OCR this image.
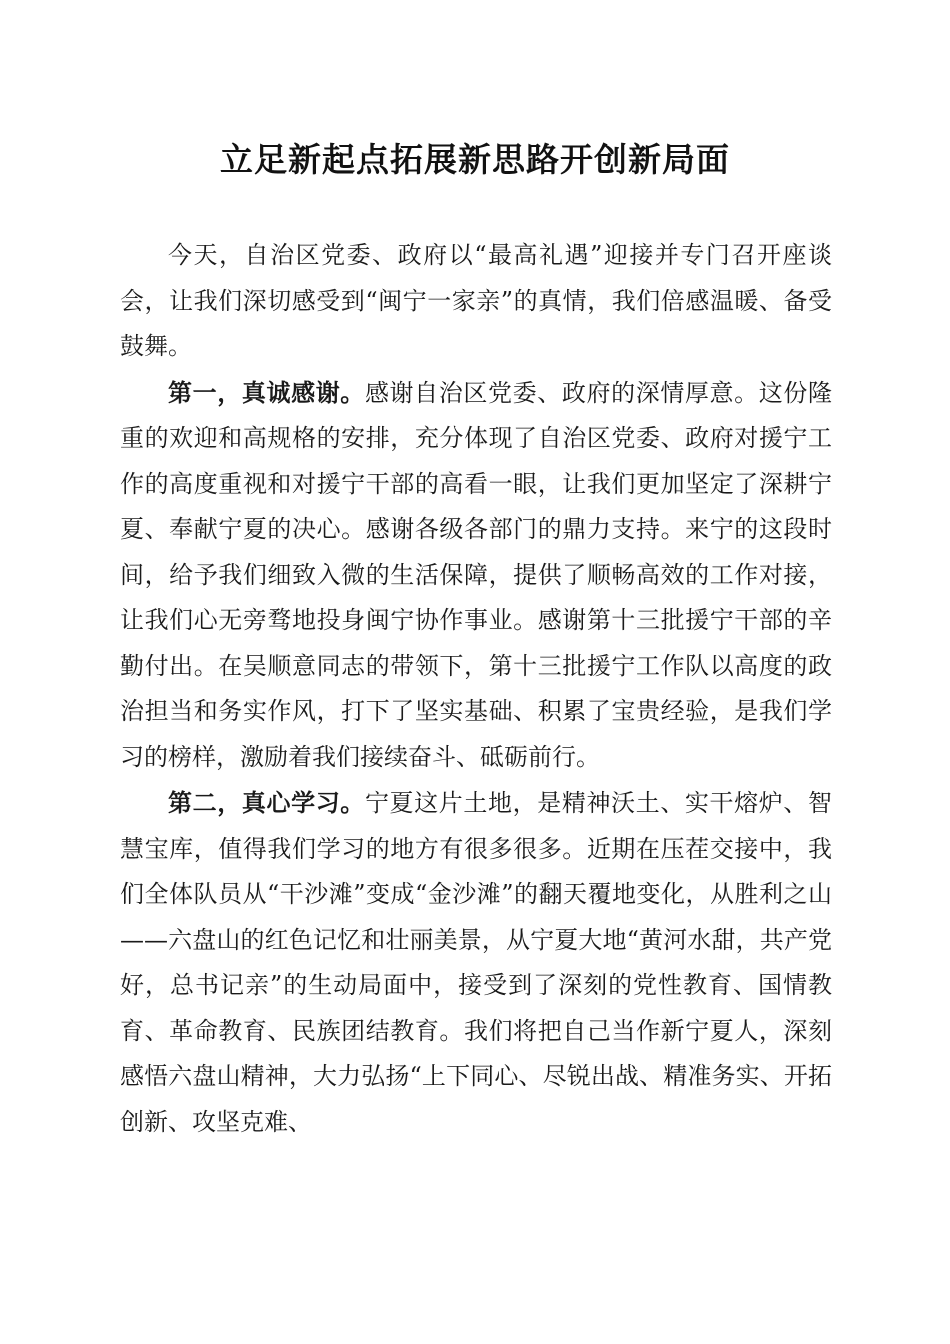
立足新起点拓展新思路开创新局面

今天，自治区党委、政府以“最高礼遇”迎接并专门召开座谈会，让我们深切感受到“闽宁一家亲”的真情，我们倍感温暖、备受鼓舞。

第一，真诚感谢。感谢自治区党委、政府的深情厚意。这份隆重的欢迎和高规格的安排，充分体现了自治区党委、政府对援宁工作的高度重视和对援宁干部的高看一眼，让我们更加坚定了深耕宁夏、奉献宁夏的决心。感谢各级各部门的鼎力支持。来宁的这段时间，给予我们细致入微的生活保障，提供了顺畅高效的工作对接，让我们心无旁骛地投身闽宁协作事业。感谢第十三批援宁干部的辛勤付出。在吴顺意同志的带领下，第十三批援宁工作队以高度的政治担当和务实作风，打下了坚实基础、积累了宝贵经验，是我们学习的榜样，激励着我们接续奋斗、砥砺前行。

第二，真心学习。宁夏这片土地，是精神沃土、实干熔炉、智慧宝库，值得我们学习的地方有很多很多。近期在压茬交接中，我们全体队员从“干沙滩”变成“金沙滩”的翻天覆地变化，从胜利之山——六盘山的红色记忆和壮丽美景，从宁夏大地“黄河水甜，共产党好，总书记亲”的生动局面中，接受到了深刻的党性教育、国情教育、革命教育、民族团结教育。我们将把自己当作新宁夏人，深刻感悟六盘山精神，大力弘扬“上下同心、尽锐出战、精准务实、开拓创新、攻坚克难、
